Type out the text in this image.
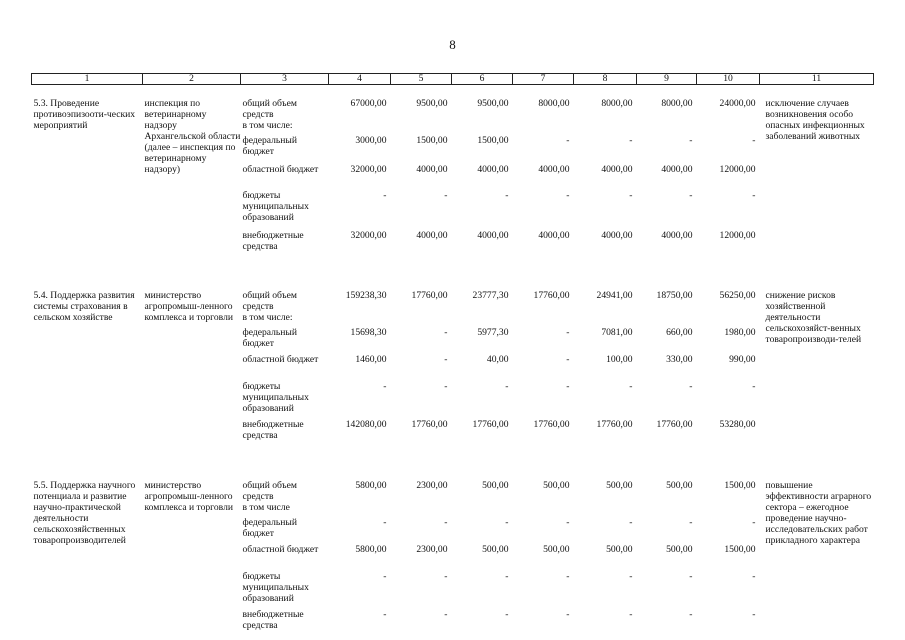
8
1	2	3	4	5	6	7	8	9	10	11
5.3. Проведение противоэпизооти-ческих мероприятий	инспекция по ветеринарному надзору Архангельской области (далее – инспекция по ветеринарному надзору)	общий объем средств	67000,00	9500,00	9500,00	8000,00	8000,00	8000,00	24000,00	исключение случаев возникновения особо опасных инфекционных заболеваний животных
		в том числе:								
		федеральный бюджет	3000,00	1500,00	1500,00	-	-	-	-	
		областной бюджет	32000,00	4000,00	4000,00	4000,00	4000,00	4000,00	12000,00	
		бюджеты муниципальных образований	-	-	-	-	-	-	-	
		внебюджетные средства	32000,00	4000,00	4000,00	4000,00	4000,00	4000,00	12000,00	

5.4. Поддержка развития системы страхования в сельском хозяйстве	министерство агропромыш-ленного комплекса и торговли	общий объем средств	159238,30	17760,00	23777,30	17760,00	24941,00	18750,00	56250,00	снижение рисков хозяйственной деятельности сельскохозяйст-венных товаропроизводи-телей
		в том числе:								
		федеральный бюджет	15698,30	-	5977,30	-	7081,00	660,00	1980,00	
		областной бюджет	1460,00	-	40,00	-	100,00	330,00	990,00	
		бюджеты муниципальных образований	-	-	-	-	-	-	-	
		внебюджетные средства	142080,00	17760,00	17760,00	17760,00	17760,00	17760,00	53280,00	

5.5. Поддержка научного потенциала и развитие научно-практической деятельности сельскохозяйственных товаропроизводителей	министерство агропромыш-ленного комплекса и торговли	общий объем средств	5800,00	2300,00	500,00	500,00	500,00	500,00	1500,00	повышение эффективности аграрного сектора – ежегодное проведение научно-исследовательских работ прикладного характера
		в том числе								
		федеральный бюджет	-	-	-	-	-	-	-	
		областной бюджет	5800,00	2300,00	500,00	500,00	500,00	500,00	1500,00	
		бюджеты муниципальных образований	-	-	-	-	-	-	-	
		внебюджетные средства	-	-	-	-	-	-	-	
